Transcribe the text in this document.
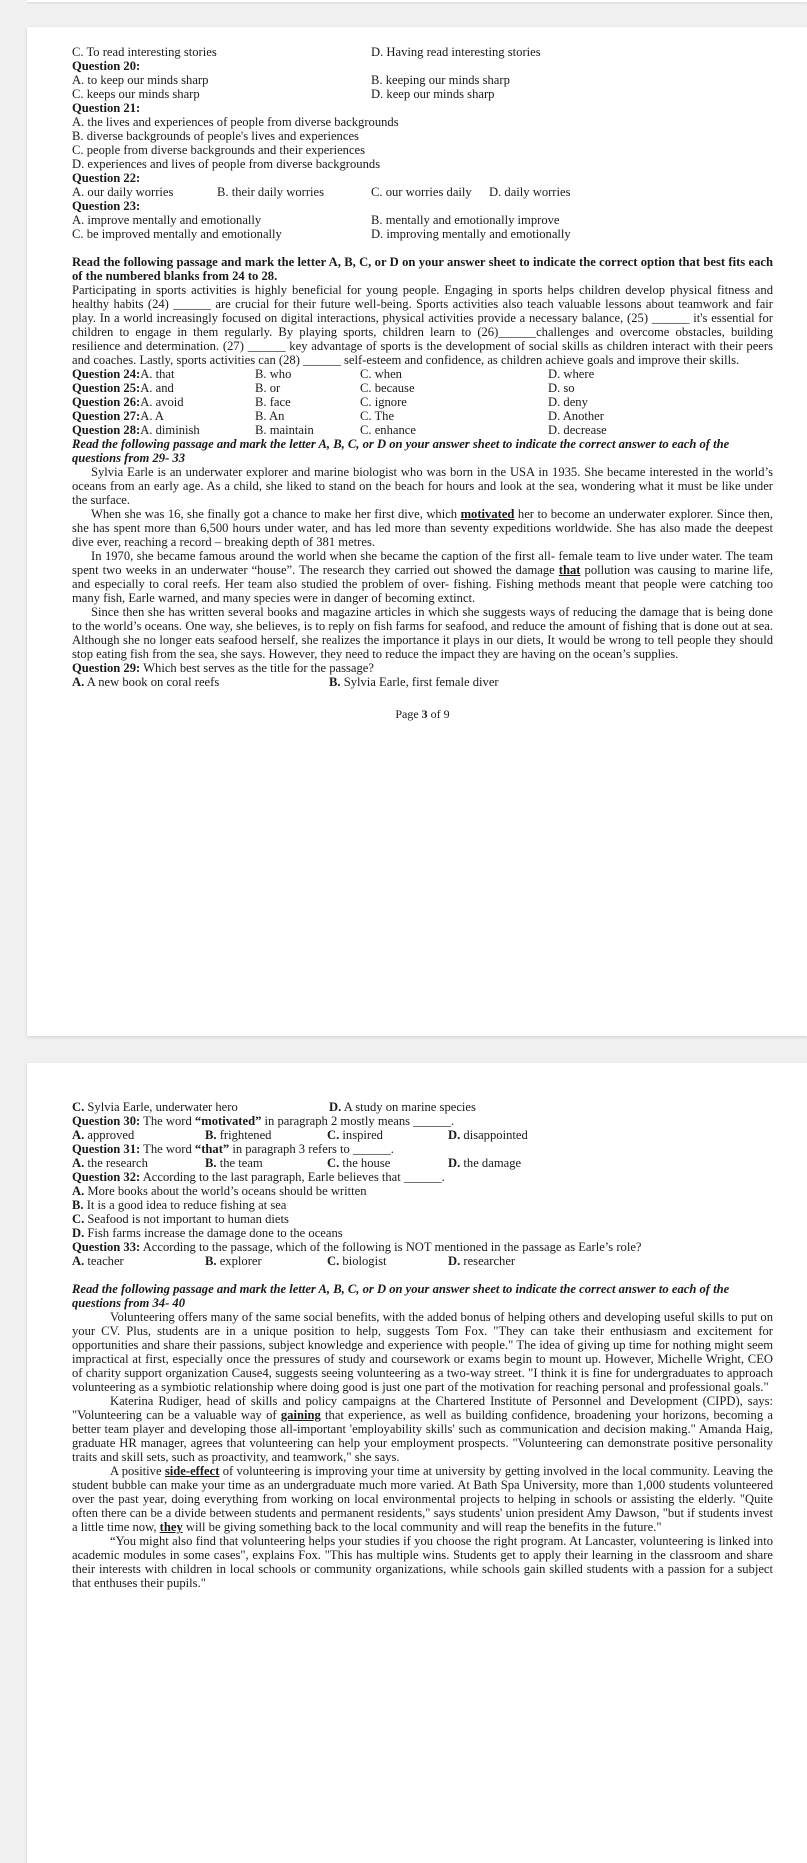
C. To read interesting stories	D. Having read interesting stories
Question 20:
A. to keep our minds sharp	B. keeping our minds sharp
C. keeps our minds sharp	D. keep our minds sharp
Question 21:
A. the lives and experiences of people from diverse backgrounds
B. diverse backgrounds of people's lives and experiences
C. people from diverse backgrounds and their experiences
D. experiences and lives of people from diverse backgrounds
Question 22:
A. our daily worries	B. their daily worries	C. our worries daily	D. daily worries
Question 23:
A. improve mentally and emotionally	B. mentally and emotionally improve
C. be improved mentally and emotionally	D. improving mentally and emotionally
Read the following passage and mark the letter A, B, C, or D on your answer sheet to indicate the correct option that best fits each of the numbered blanks from 24 to 28.
Participating in sports activities is highly beneficial for young people. Engaging in sports helps children develop physical fitness and healthy habits (24) ______ are crucial for their future well-being. Sports activities also teach valuable lessons about teamwork and fair play. In a world increasingly focused on digital interactions, physical activities provide a necessary balance, (25) ______ it's essential for children to engage in them regularly. By playing sports, children learn to (26)______challenges and overcome obstacles, building resilience and determination. (27) ______ key advantage of sports is the development of social skills as children interact with their peers and coaches. Lastly, sports activities can (28) ______ self-esteem and confidence, as children achieve goals and improve their skills.
Question 24:A. that	B. who	C. when	D. where
Question 25:A. and	B. or	C. because	D. so
Question 26:A. avoid	B. face	C. ignore	D. deny
Question 27:A. A	B. An	C. The	D. Another
Question 28:A. diminish	B. maintain	C. enhance	D. decrease
Read the following passage and mark the letter A, B, C, or D on your answer sheet to indicate the correct answer to each of the questions from 29- 33
Sylvia Earle is an underwater explorer and marine biologist who was born in the USA in 1935. She became interested in the world’s oceans from an early age. As a child, she liked to stand on the beach for hours and look at the sea, wondering what it must be like under the surface.
When she was 16, she finally got a chance to make her first dive, which motivated her to become an underwater explorer. Since then, she has spent more than 6,500 hours under water, and has led more than seventy expeditions worldwide. She has also made the deepest dive ever, reaching a record – breaking depth of 381 metres.
In 1970, she became famous around the world when she became the caption of the first all- female team to live under water. The team spent two weeks in an underwater “house”. The research they carried out showed the damage that pollution was causing to marine life, and especially to coral reefs. Her team also studied the problem of over- fishing. Fishing methods meant that people were catching too many fish, Earle warned, and many species were in danger of becoming extinct.
Since then she has written several books and magazine articles in which she suggests ways of reducing the damage that is being done to the world’s oceans. One way, she believes, is to reply on fish farms for seafood, and reduce the amount of fishing that is done out at sea. Although she no longer eats seafood herself, she realizes the importance it plays in our diets, It would be wrong to tell people they should stop eating fish from the sea, she says. However, they need to reduce the impact they are having on the ocean’s supplies.
Question 29: Which best serves as the title for the passage?
A. A new book on coral reefs	B. Sylvia Earle, first female diver
Page 3 of 9
C. Sylvia Earle, underwater hero	D. A study on marine species
Question 30: The word “motivated” in paragraph 2 mostly means ______.
A. approved	B. frightened	C. inspired	D. disappointed
Question 31: The word “that” in paragraph 3 refers to ______.
A. the research	B. the team	C. the house	D. the damage
Question 32: According to the last paragraph, Earle believes that ______.
A. More books about the world’s oceans should be written
B. It is a good idea to reduce fishing at sea
C. Seafood is not important to human diets
D. Fish farms increase the damage done to the oceans
Question 33: According to the passage, which of the following is NOT mentioned in the passage as Earle’s role?
A. teacher	B. explorer	C. biologist	D. researcher
Read the following passage and mark the letter A, B, C, or D on your answer sheet to indicate the correct answer to each of the questions from 34- 40
Volunteering offers many of the same social benefits, with the added bonus of helping others and developing useful skills to put on your CV. Plus, students are in a unique position to help, suggests Tom Fox. "They can take their enthusiasm and excitement for opportunities and share their passions, subject knowledge and experience with people." The idea of giving up time for nothing might seem impractical at first, especially once the pressures of study and coursework or exams begin to mount up. However, Michelle Wright, CEO of charity support organization Cause4, suggests seeing volunteering as a two-way street. "I think it is fine for undergraduates to approach volunteering as a symbiotic relationship where doing good is just one part of the motivation for reaching personal and professional goals."
Katerina Rudiger, head of skills and policy campaigns at the Chartered Institute of Personnel and Development (CIPD), says: "Volunteering can be a valuable way of gaining that experience, as well as building confidence, broadening your horizons, becoming a better team player and developing those all-important 'employability skills' such as communication and decision making." Amanda Haig, graduate HR manager, agrees that volunteering can help your employment prospects. "Volunteering can demonstrate positive personality traits and skill sets, such as proactivity, and teamwork," she says.
A positive side-effect of volunteering is improving your time at university by getting involved in the local community. Leaving the student bubble can make your time as an undergraduate much more varied. At Bath Spa University, more than 1,000 students volunteered over the past year, doing everything from working on local environmental projects to helping in schools or assisting the elderly. "Quite often there can be a divide between students and permanent residents," says students' union president Amy Dawson, "but if students invest a little time now, they will be giving something back to the local community and will reap the benefits in the future."
“You might also find that volunteering helps your studies if you choose the right program. At Lancaster, volunteering is linked into academic modules in some cases", explains Fox. "This has multiple wins. Students get to apply their learning in the classroom and share their interests with children in local schools or community organizations, while schools gain skilled students with a passion for a subject that enthuses their pupils."
